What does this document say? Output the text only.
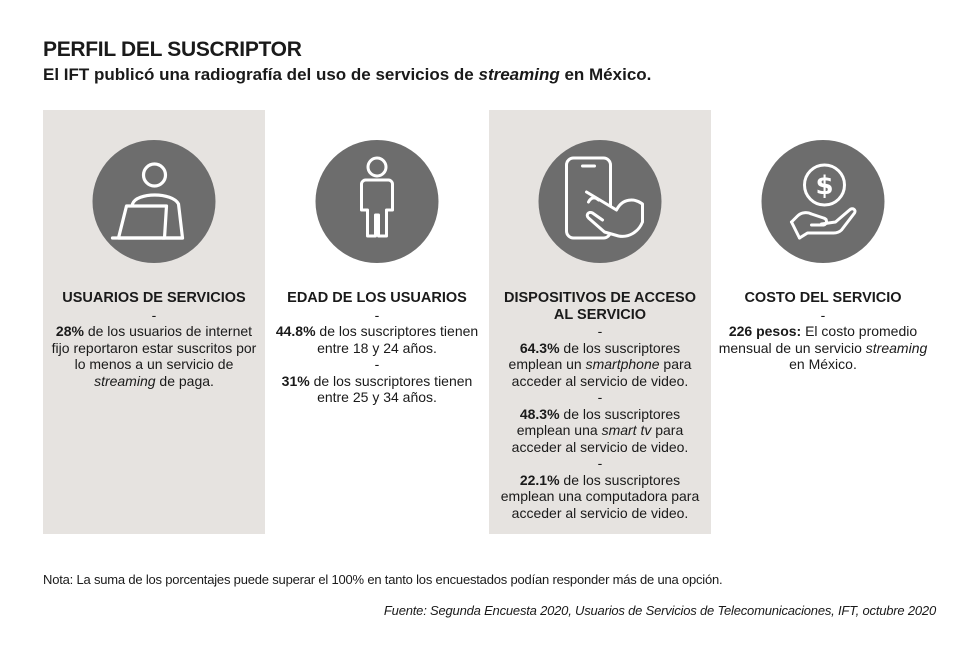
PERFIL DEL SUSCRIPTOR

El IFT publicó una radiografía del uso de servicios de streaming en México.

USUARIOS DE SERVICIOS

-

28% de los usuarios de internet fijo reportaron estar suscritos por lo menos a un servicio de streaming de paga.

EDAD DE LOS USUARIOS

-

44.8% de los suscriptores tienen entre 18 y 24 años.

-

31% de los suscriptores tienen entre 25 y 34 años.

DISPOSITIVOS DE ACCESO AL SERVICIO

-

64.3% de los suscriptores emplean un smartphone para acceder al servicio de video.

-

48.3% de los suscriptores emplean una smart tv para acceder al servicio de video.

-

22.1% de los suscriptores emplean una computadora para acceder al servicio de video.

$

COSTO DEL SERVICIO

-

226 pesos: El costo promedio mensual de un servicio streaming en México.

Nota: La suma de los porcentajes puede superar el 100% en tanto los encuestados podían responder más de una opción.

Fuente: Segunda Encuesta 2020, Usuarios de Servicios de Telecomunicaciones, IFT, octubre 2020
